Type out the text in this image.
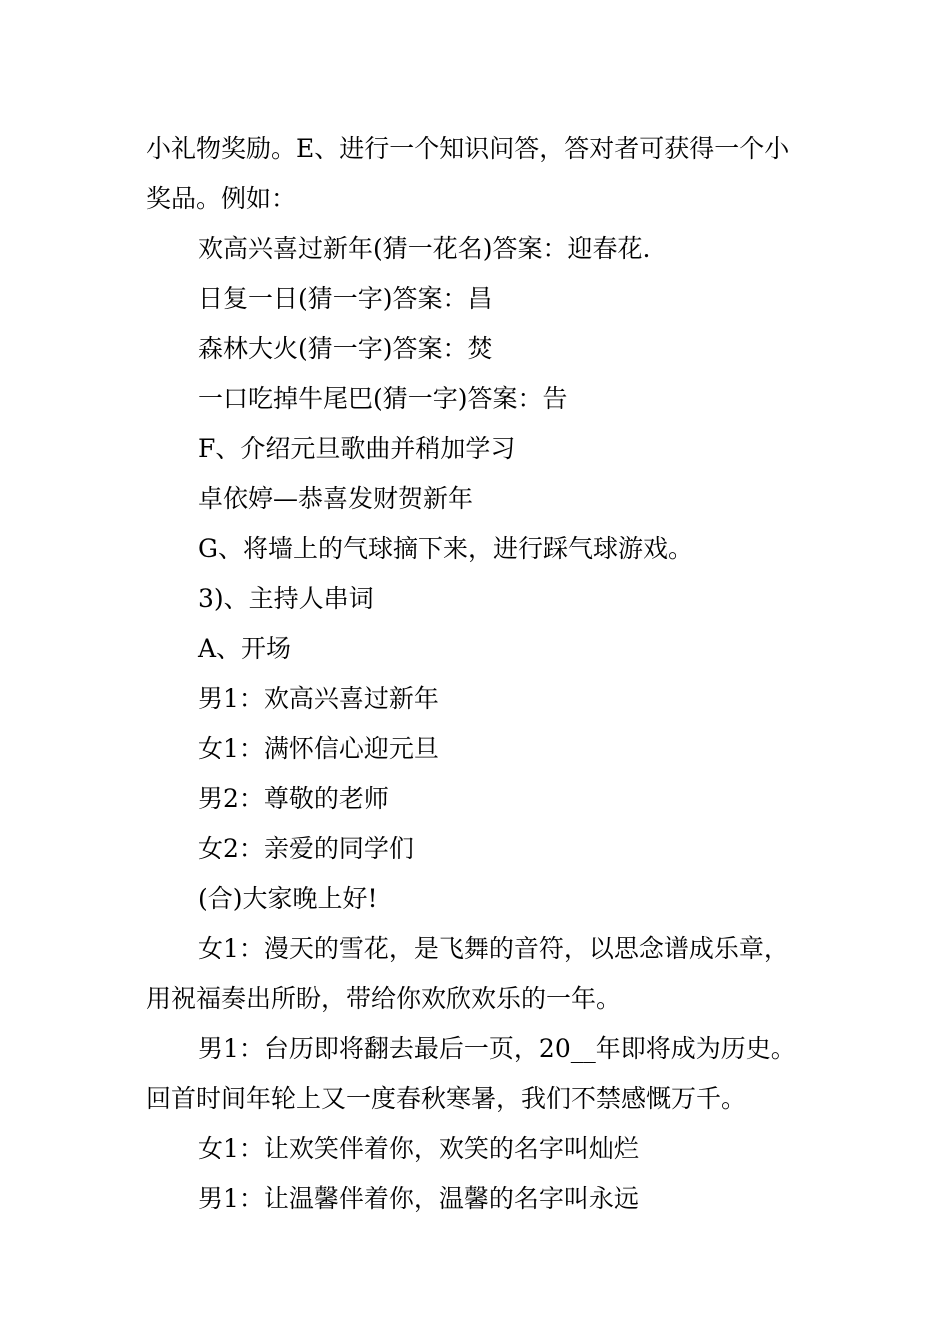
小礼物奖励。E、进行一个知识问答，答对者可获得一个小奖品。例如：

欢高兴喜过新年(猜一花名)答案：迎春花.

日复一日(猜一字)答案：昌

森林大火(猜一字)答案：焚

一口吃掉牛尾巴(猜一字)答案：告

F、介绍元旦歌曲并稍加学习

卓依婷—恭喜发财贺新年

G、将墙上的气球摘下来，进行踩气球游戏。

3)、主持人串词

A、开场

男1：欢高兴喜过新年

女1：满怀信心迎元旦

男2：尊敬的老师

女2：亲爱的同学们

(合)大家晚上好!

女1：漫天的雪花，是飞舞的音符，以思念谱成乐章，用祝福奏出所盼，带给你欢欣欢乐的一年。

男1：台历即将翻去最后一页，20__年即将成为历史。回首时间年轮上又一度春秋寒暑，我们不禁感慨万千。

女1：让欢笑伴着你，欢笑的名字叫灿烂

男1：让温馨伴着你，温馨的名字叫永远
